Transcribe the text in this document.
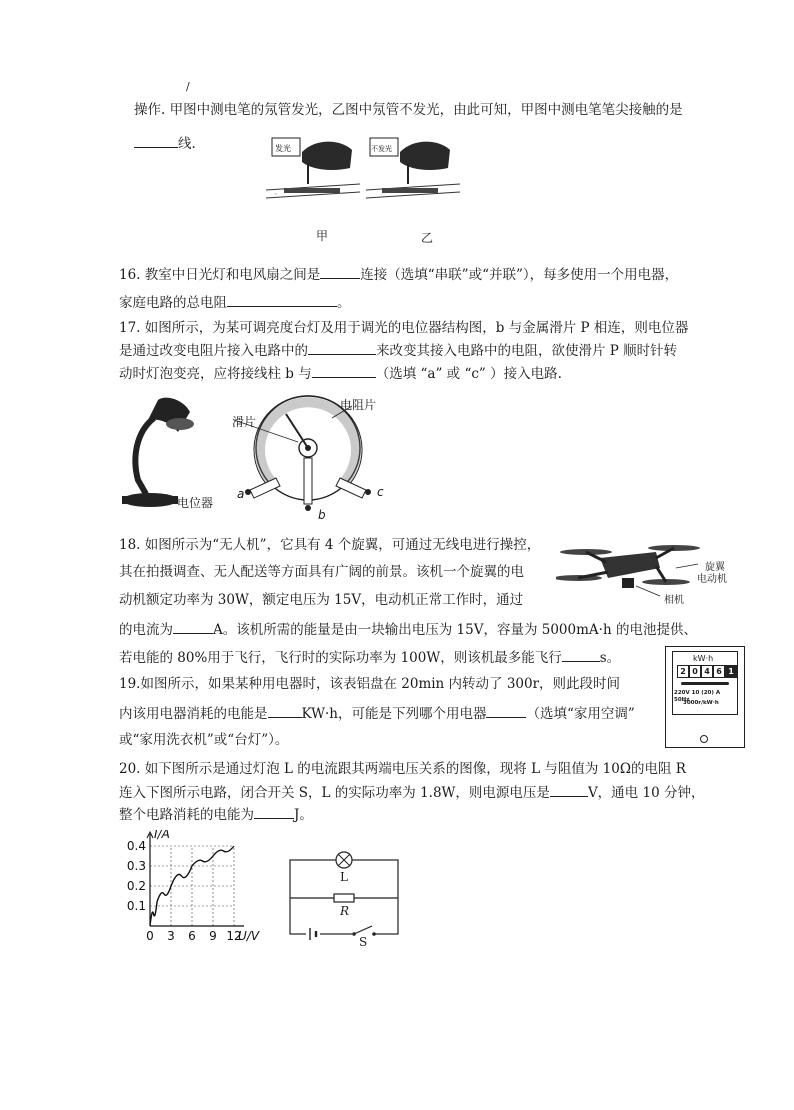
/
操作. 甲图中测电笔的氖管发光，乙图中氖管不发光，由此可知，甲图中测电笔笔尖接触的是
线.	发光
◦
不发光
甲	乙
16. 教室中日光灯和电风扇之间是	连接（选填“串联”或“并联”），每多使用一个用电器，
家庭电路的总电阻	。
17. 如图所示，为某可调亮度台灯及用于调光的电位器结构图，b 与金属滑片 P 相连，则电位器
是通过改变电阻片接入电路中的	来改变其接入电路中的电阻，欲使滑片 P 顺时针转
动时灯泡变亮，应将接线柱 b 与	（选填 “a” 或 “c” ）接入电路.
电位器
滑片
电阻片
a	c
b
18. 如图所示为“无人机”，它具有 4 个旋翼，可通过无线电进行操控，
其在拍摄调查、无人配送等方面具有广阔的前景。该机一个旋翼的电
动机额定功率为 30W，额定电压为 15V，电动机正常工作时，通过
的电流为	A。该机所需的能量是由一块输出电压为 15V，容量为 5000mA·h 的电池提供、
若电能的 80%用于飞行，飞行时的实际功率为 100W，则该机最多能飞行	s。
旋翼
电动机
相机
19.如图所示，如果某种用电器时，该表铝盘在 20min 内转动了 300r，则此段时间
内该用电器消耗的电能是	KW·h，可能是下列哪个用电器	（选填“家用空调”
或“家用洗衣机”或“台灯”）。
kW·h
2 0 4 6 1
220V 10 (20) A 50Hz
3000r/kW·h
20. 如下图所示是通过灯泡 L 的电流跟其两端电压关系的图像，现将 L 与阻值为 10Ω的电阻 R
连入下图所示电路，闭合开关 S，L 的实际功率为 1.8W，则电源电压是	V，通电 10 分钟，
整个电路消耗的电能为	J。
0 3 6 9 12
0.1
0.2
0.3
0.4
I/A
U/V
L
R
S
